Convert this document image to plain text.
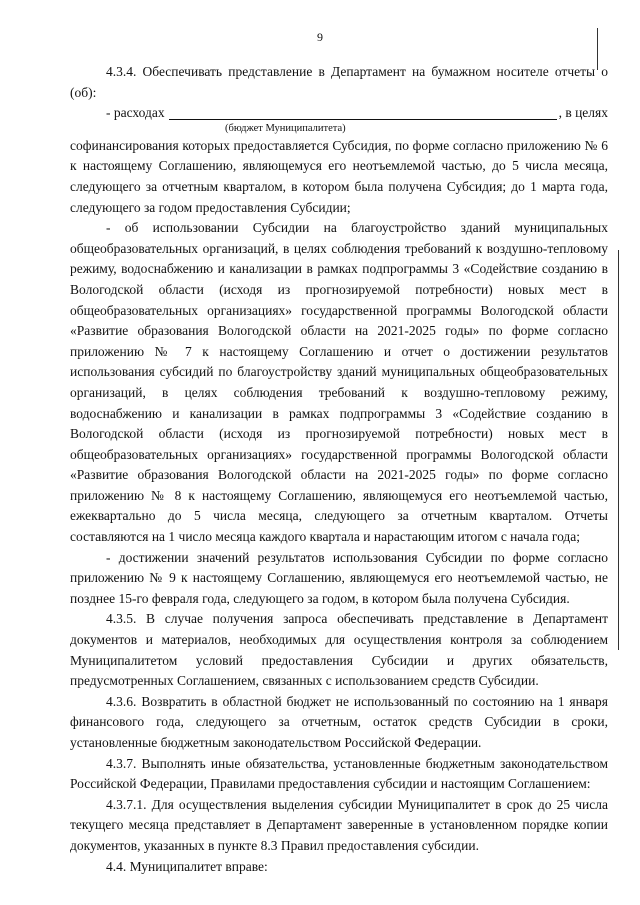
9

4.3.4. Обеспечивать представление в Департамент на бумажном носителе отчеты о (об):

- расходах	, в целях
(бюджет Муниципалитета)

софинансирования которых предоставляется Субсидия, по форме согласно приложению № 6 к настоящему Соглашению, являющемуся его неотъемлемой частью, до 5 числа месяца, следующего за отчетным кварталом, в котором была получена Субсидия; до 1 марта года, следующего за годом предоставления Субсидии;

- об использовании Субсидии на благоустройство зданий муниципальных общеобразовательных организаций, в целях соблюдения требований к воздушно-тепловому режиму, водоснабжению и канализации в рамках подпрограммы 3 «Содействие созданию в Вологодской области (исходя из прогнозируемой потребности) новых мест в общеобразовательных организациях» государственной программы Вологодской области «Развитие образования Вологодской области на 2021-2025 годы» по форме согласно приложению № 7 к настоящему Соглашению и отчет о достижении результатов использования субсидий по благоустройству зданий муниципальных общеобразовательных организаций, в целях соблюдения требований к воздушно-тепловому режиму, водоснабжению и канализации в рамках подпрограммы 3 «Содействие созданию в Вологодской области (исходя из прогнозируемой потребности) новых мест в общеобразовательных организациях» государственной программы Вологодской области «Развитие образования Вологодской области на 2021-2025 годы» по форме согласно приложению № 8 к настоящему Соглашению, являющемуся его неотъемлемой частью, ежеквартально до 5 числа месяца, следующего за отчетным кварталом. Отчеты составляются на 1 число месяца каждого квартала и нарастающим итогом с начала года;

- достижении значений результатов использования Субсидии по форме согласно приложению № 9 к настоящему Соглашению, являющемуся его неотъемлемой частью, не позднее 15-го февраля года, следующего за годом, в котором была получена Субсидия.

4.3.5. В случае получения запроса обеспечивать представление в Департамент документов и материалов, необходимых для осуществления контроля за соблюдением Муниципалитетом условий предоставления Субсидии и других обязательств, предусмотренных Соглашением, связанных с использованием средств Субсидии.

4.3.6. Возвратить в областной бюджет не использованный по состоянию на 1 января финансового года, следующего за отчетным, остаток средств Субсидии в сроки, установленные бюджетным законодательством Российской Федерации.

4.3.7. Выполнять иные обязательства, установленные бюджетным законодательством Российской Федерации, Правилами предоставления субсидии и настоящим Соглашением:

4.3.7.1. Для осуществления выделения субсидии Муниципалитет в срок до 25 числа текущего месяца представляет в Департамент заверенные в установленном порядке копии документов, указанных в пункте 8.3 Правил предоставления субсидии.

4.4. Муниципалитет вправе:
